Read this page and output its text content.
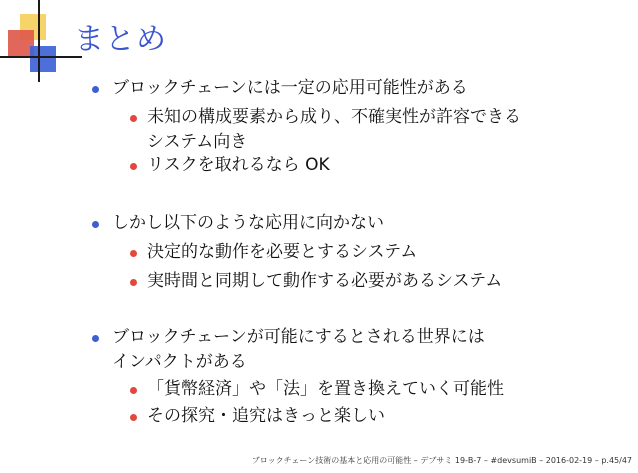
まとめ
ブロックチェーンには一定の応用可能性がある
未知の構成要素から成り、不確実性が許容できる
システム向き
リスクを取れるなら OK
しかし以下のような応用に向かない
決定的な動作を必要とするシステム
実時間と同期して動作する必要があるシステム
ブロックチェーンが可能にするとされる世界には
インパクトがある
「貨幣経済」や「法」を置き換えていく可能性
その探究・追究はきっと楽しい
ブロックチェーン技術の基本と応用の可能性 – デブサミ 19-B-7 – #devsumiB – 2016-02-19 – p.45/47
